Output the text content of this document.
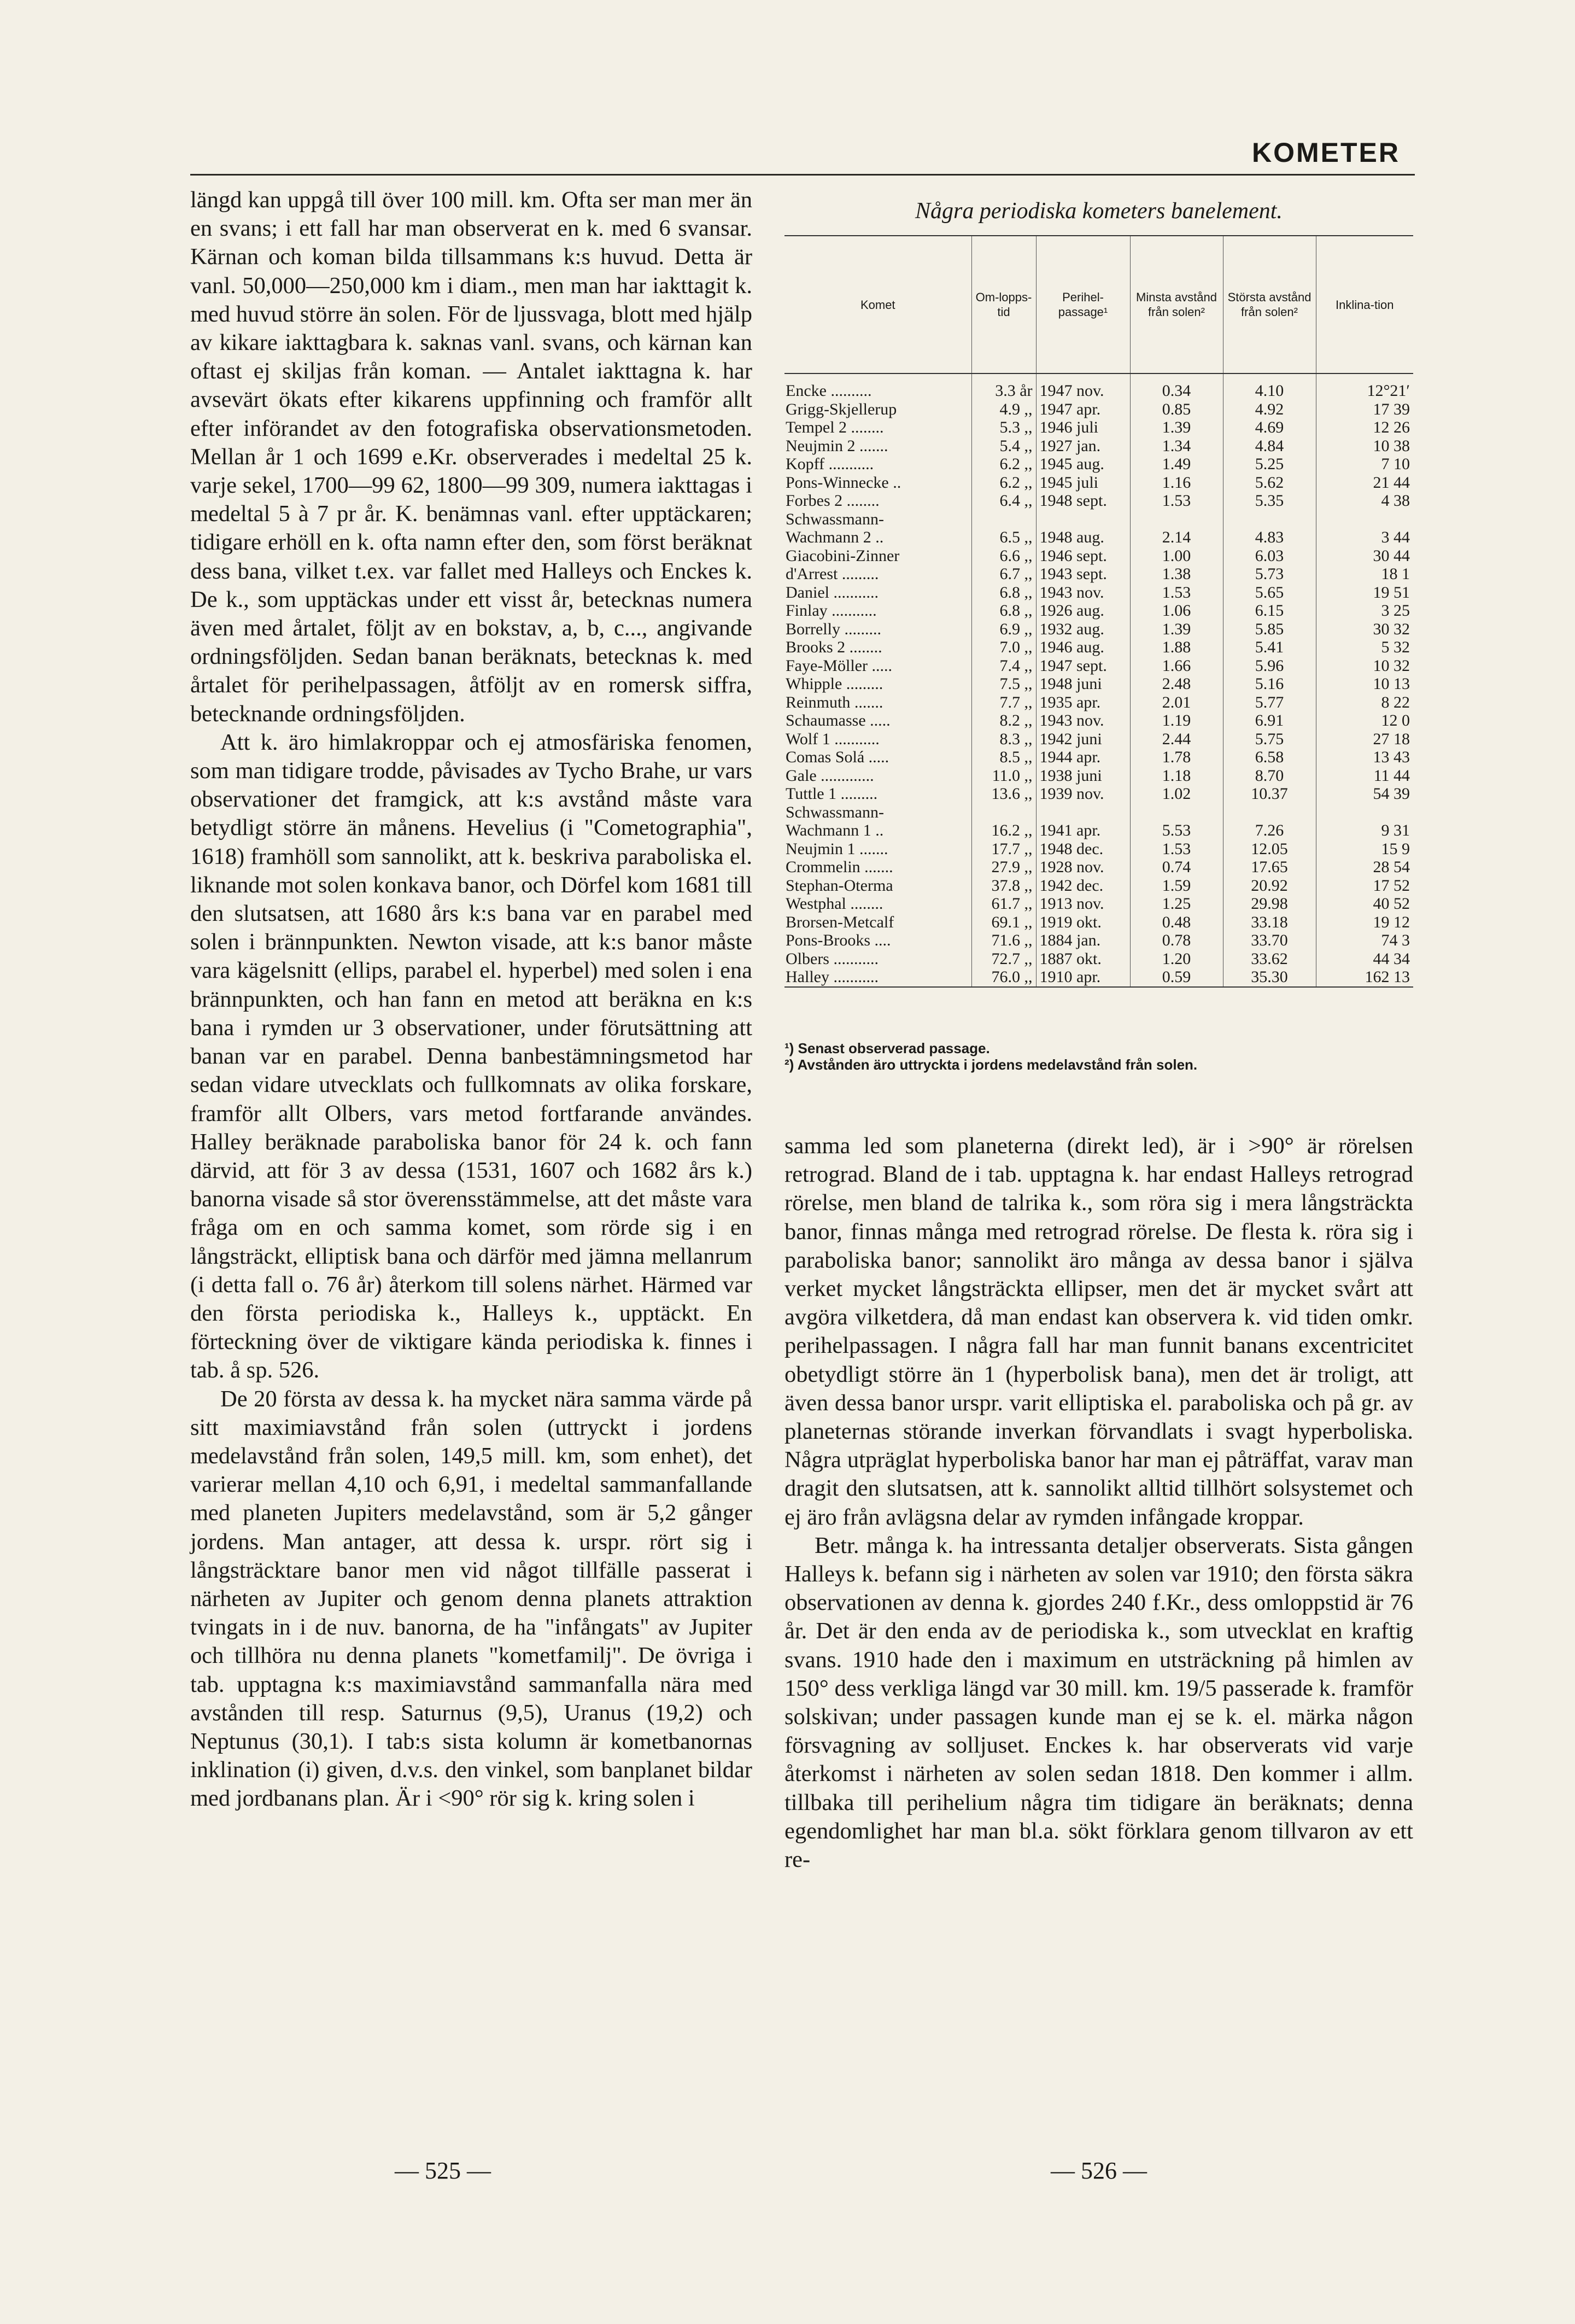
KOMETER

längd kan uppgå till över 100 mill. km. Ofta ser man mer än en svans; i ett fall har man observerat en k. med 6 svansar. Kärnan och koman bilda tillsammans k:s huvud. Detta är vanl. 50,000—250,000 km i diam., men man har iakttagit k. med huvud större än solen. För de ljussvaga, blott med hjälp av kikare iakttagbara k. saknas vanl. svans, och kärnan kan oftast ej skiljas från koman. — Antalet iakttagna k. har avsevärt ökats efter kikarens uppfinning och framför allt efter införandet av den fotografiska observationsmetoden. Mellan år 1 och 1699 e.Kr. observerades i medeltal 25 k. varje sekel, 1700—99 62, 1800—99 309, numera iakttagas i medeltal 5 à 7 pr år. K. benämnas vanl. efter upptäckaren; tidigare erhöll en k. ofta namn efter den, som först beräknat dess bana, vilket t.ex. var fallet med Halleys och Enckes k. De k., som upptäckas under ett visst år, betecknas numera även med årtalet, följt av en bokstav, a, b, c..., angivande ordningsföljden. Sedan banan beräknats, betecknas k. med årtalet för perihelpassagen, åtföljt av en romersk siffra, betecknande ordningsföljden.

Att k. äro himlakroppar och ej atmosfäriska fenomen, som man tidigare trodde, påvisades av Tycho Brahe, ur vars observationer det framgick, att k:s avstånd måste vara betydligt större än månens. Hevelius (i "Cometographia", 1618) framhöll som sannolikt, att k. beskriva paraboliska el. liknande mot solen konkava banor, och Dörfel kom 1681 till den slutsatsen, att 1680 års k:s bana var en parabel med solen i brännpunkten. Newton visade, att k:s banor måste vara kägelsnitt (ellips, parabel el. hyperbel) med solen i ena brännpunkten, och han fann en metod att beräkna en k:s bana i rymden ur 3 observationer, under förutsättning att banan var en parabel. Denna banbestämningsmetod har sedan vidare utvecklats och fullkomnats av olika forskare, framför allt Olbers, vars metod fortfarande användes. Halley beräknade paraboliska banor för 24 k. och fann därvid, att för 3 av dessa (1531, 1607 och 1682 års k.) banorna visade så stor överensstämmelse, att det måste vara fråga om en och samma komet, som rörde sig i en långsträckt, elliptisk bana och därför med jämna mellanrum (i detta fall o. 76 år) återkom till solens närhet. Härmed var den första periodiska k., Halleys k., upptäckt. En förteckning över de viktigare kända periodiska k. finnes i tab. å sp. 526.

De 20 första av dessa k. ha mycket nära samma värde på sitt maximiavstånd från solen (uttryckt i jordens medelavstånd från solen, 149,5 mill. km, som enhet), det varierar mellan 4,10 och 6,91, i medeltal sammanfallande med planeten Jupiters medelavstånd, som är 5,2 gånger jordens. Man antager, att dessa k. urspr. rört sig i långsträcktare banor men vid något tillfälle passerat i närheten av Jupiter och genom denna planets attraktion tvingats in i de nuv. banorna, de ha "infångats" av Jupiter och tillhöra nu denna planets "kometfamilj". De övriga i tab. upptagna k:s maximiavstånd sammanfalla nära med avstånden till resp. Saturnus (9,5), Uranus (19,2) och Neptunus (30,1). I tab:s sista kolumn är kometbanornas inklination (i) given, d.v.s. den vinkel, som banplanet bildar med jordbanans plan. Är i <90° rör sig k. kring solen i

Några periodiska kometers banelement.
Komet	Om-lopps-tid	Perihel-passage¹	Minsta avstånd från solen²	Största avstånd från solen²	Inklina-tion
Encke ..........	3.3 år	1947 nov.	0.34	4.10	12°21′
Grigg-Skjellerup	4.9 ,,	1947 apr.	0.85	4.92	17 39
Tempel 2 ........	5.3 ,,	1946 juli	1.39	4.69	12 26
Neujmin 2 .......	5.4 ,,	1927 jan.	1.34	4.84	10 38
Kopff ...........	6.2 ,,	1945 aug.	1.49	5.25	7 10
Pons-Winnecke ..	6.2 ,,	1945 juli	1.16	5.62	21 44
Forbes 2 ........	6.4 ,,	1948 sept.	1.53	5.35	4 38
Schwassmann-					
Wachmann 2 ..	6.5 ,,	1948 aug.	2.14	4.83	3 44
Giacobini-Zinner	6.6 ,,	1946 sept.	1.00	6.03	30 44
d'Arrest .........	6.7 ,,	1943 sept.	1.38	5.73	18 1
Daniel ...........	6.8 ,,	1943 nov.	1.53	5.65	19 51
Finlay ...........	6.8 ,,	1926 aug.	1.06	6.15	3 25
Borrelly .........	6.9 ,,	1932 aug.	1.39	5.85	30 32
Brooks 2 ........	7.0 ,,	1946 aug.	1.88	5.41	5 32
Faye-Möller .....	7.4 ,,	1947 sept.	1.66	5.96	10 32
Whipple .........	7.5 ,,	1948 juni	2.48	5.16	10 13
Reinmuth .......	7.7 ,,	1935 apr.	2.01	5.77	8 22
Schaumasse .....	8.2 ,,	1943 nov.	1.19	6.91	12 0
Wolf 1 ...........	8.3 ,,	1942 juni	2.44	5.75	27 18
Comas Solá .....	8.5 ,,	1944 apr.	1.78	6.58	13 43
Gale .............	11.0 ,,	1938 juni	1.18	8.70	11 44
Tuttle 1 .........	13.6 ,,	1939 nov.	1.02	10.37	54 39
Schwassmann-					
Wachmann 1 ..	16.2 ,,	1941 apr.	5.53	7.26	9 31
Neujmin 1 .......	17.7 ,,	1948 dec.	1.53	12.05	15 9
Crommelin .......	27.9 ,,	1928 nov.	0.74	17.65	28 54
Stephan-Oterma	37.8 ,,	1942 dec.	1.59	20.92	17 52
Westphal ........	61.7 ,,	1913 nov.	1.25	29.98	40 52
Brorsen-Metcalf	69.1 ,,	1919 okt.	0.48	33.18	19 12
Pons-Brooks ....	71.6 ,,	1884 jan.	0.78	33.70	74 3
Olbers ...........	72.7 ,,	1887 okt.	1.20	33.62	44 34
Halley ...........	76.0 ,,	1910 apr.	0.59	35.30	162 13
¹) Senast observerad passage.
²) Avstånden äro uttryckta i jordens medelavstånd från solen.

samma led som planeterna (direkt led), är i >90° är rörelsen retrograd. Bland de i tab. upptagna k. har endast Halleys retrograd rörelse, men bland de talrika k., som röra sig i mera långsträckta banor, finnas många med retrograd rörelse. De flesta k. röra sig i paraboliska banor; sannolikt äro många av dessa banor i själva verket mycket långsträckta ellipser, men det är mycket svårt att avgöra vilketdera, då man endast kan observera k. vid tiden omkr. perihelpassagen. I några fall har man funnit banans excentricitet obetydligt större än 1 (hyperbolisk bana), men det är troligt, att även dessa banor urspr. varit elliptiska el. paraboliska och på gr. av planeternas störande inverkan förvandlats i svagt hyperboliska. Några utpräglat hyperboliska banor har man ej påträffat, varav man dragit den slutsatsen, att k. sannolikt alltid tillhört solsystemet och ej äro från avlägsna delar av rymden infångade kroppar.

Betr. många k. ha intressanta detaljer observerats. Sista gången Halleys k. befann sig i närheten av solen var 1910; den första säkra observationen av denna k. gjordes 240 f.Kr., dess omloppstid är 76 år. Det är den enda av de periodiska k., som utvecklat en kraftig svans. 1910 hade den i maximum en utsträckning på himlen av 150° dess verkliga längd var 30 mill. km. 19/5 passerade k. framför solskivan; under passagen kunde man ej se k. el. märka någon försvagning av solljuset. Enckes k. har observerats vid varje återkomst i närheten av solen sedan 1818. Den kommer i allm. tillbaka till perihelium några tim tidigare än beräknats; denna egendomlighet har man bl.a. sökt förklara genom tillvaron av ett re-

— 525 —	— 526 —
